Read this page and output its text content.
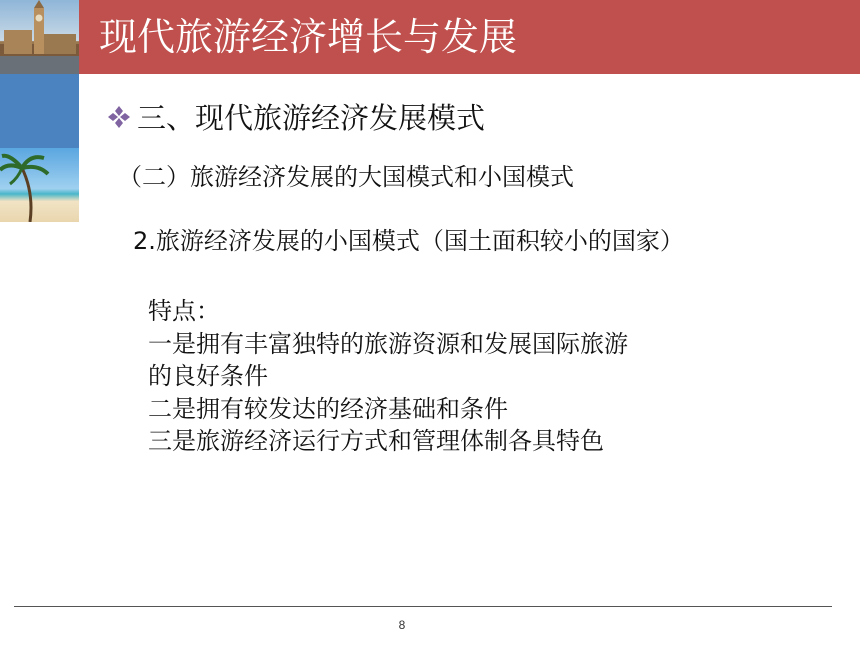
现代旅游经济增长与发展
三、现代旅游经济发展模式
（二）旅游经济发展的大国模式和小国模式
2.旅游经济发展的小国模式（国土面积较小的国家）
特点：
一是拥有丰富独特的旅游资源和发展国际旅游
的良好条件
二是拥有较发达的经济基础和条件
三是旅游经济运行方式和管理体制各具特色
8
